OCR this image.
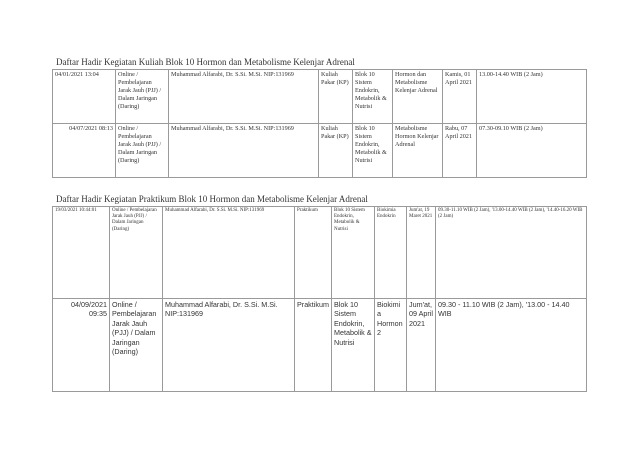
Daftar Hadir Kegiatan Kuliah Blok 10 Hormon dan Metabolisme Kelenjar Adrenal
04/01/2021 13:04	Online / Pembelajaran Jarak Jauh (PJJ) / Dalam Jaringan (Daring)	Muhammad Alfarabi, Dr. S.Si. M.Si. NIP:131969	Kuliah Pakar (KP)	Blok 10 Sistem Endokrin, Metabolik & Nutrisi	Hormon dan Metabolisme Kelenjar Adrenal	Kamis, 01 April 2021	13.00-14.40 WIB (2 Jam)
04/07/2021 08:13	Online / Pembelajaran Jarak Jauh (PJJ) / Dalam Jaringan (Daring)	Muhammad Alfarabi, Dr. S.Si. M.Si. NIP:131969	Kuliah Pakar (KP)	Blok 10 Sistem Endokrin, Metabolik & Nutrisi	Metabolisme Hormon Kelenjar Adrenal	Rabu, 07 April 2021	07.30-09.10 WIB (2 Jam)
Daftar Hadir Kegiatan Praktikum Blok 10 Hormon dan Metabolisme Kelenjar Adrenal
19/03/2021 10:44:01	Online / Pembelajaran Jarak Jauh (PJJ) / Dalam Jaringan (Daring)	Muhammad Alfarabi, Dr. S.Si. M.Si. NIP:131969	Praktikum	Blok 10 Sistem Endokrin, Metabolik & Nutrisi	Biokimia Endokrin	Jum'at, 19 Maret 2021	09.30-11.10 WIB (2 Jam), '13.00-14.40 WIB (2 Jam), '14.40-16.20 WIB (2 Jam)
04/09/2021 09:35	Online / Pembelajaran Jarak Jauh (PJJ) / Dalam Jaringan (Daring)	Muhammad Alfarabi, Dr. S.Si. M.Si. NIP:131969	Praktikum	Blok 10 Sistem Endokrin, Metabolik & Nutrisi	Biokimia Hormon 2	Jum'at, 09 April 2021	09.30 - 11.10 WIB (2 Jam), '13.00 - 14.40 WIB
